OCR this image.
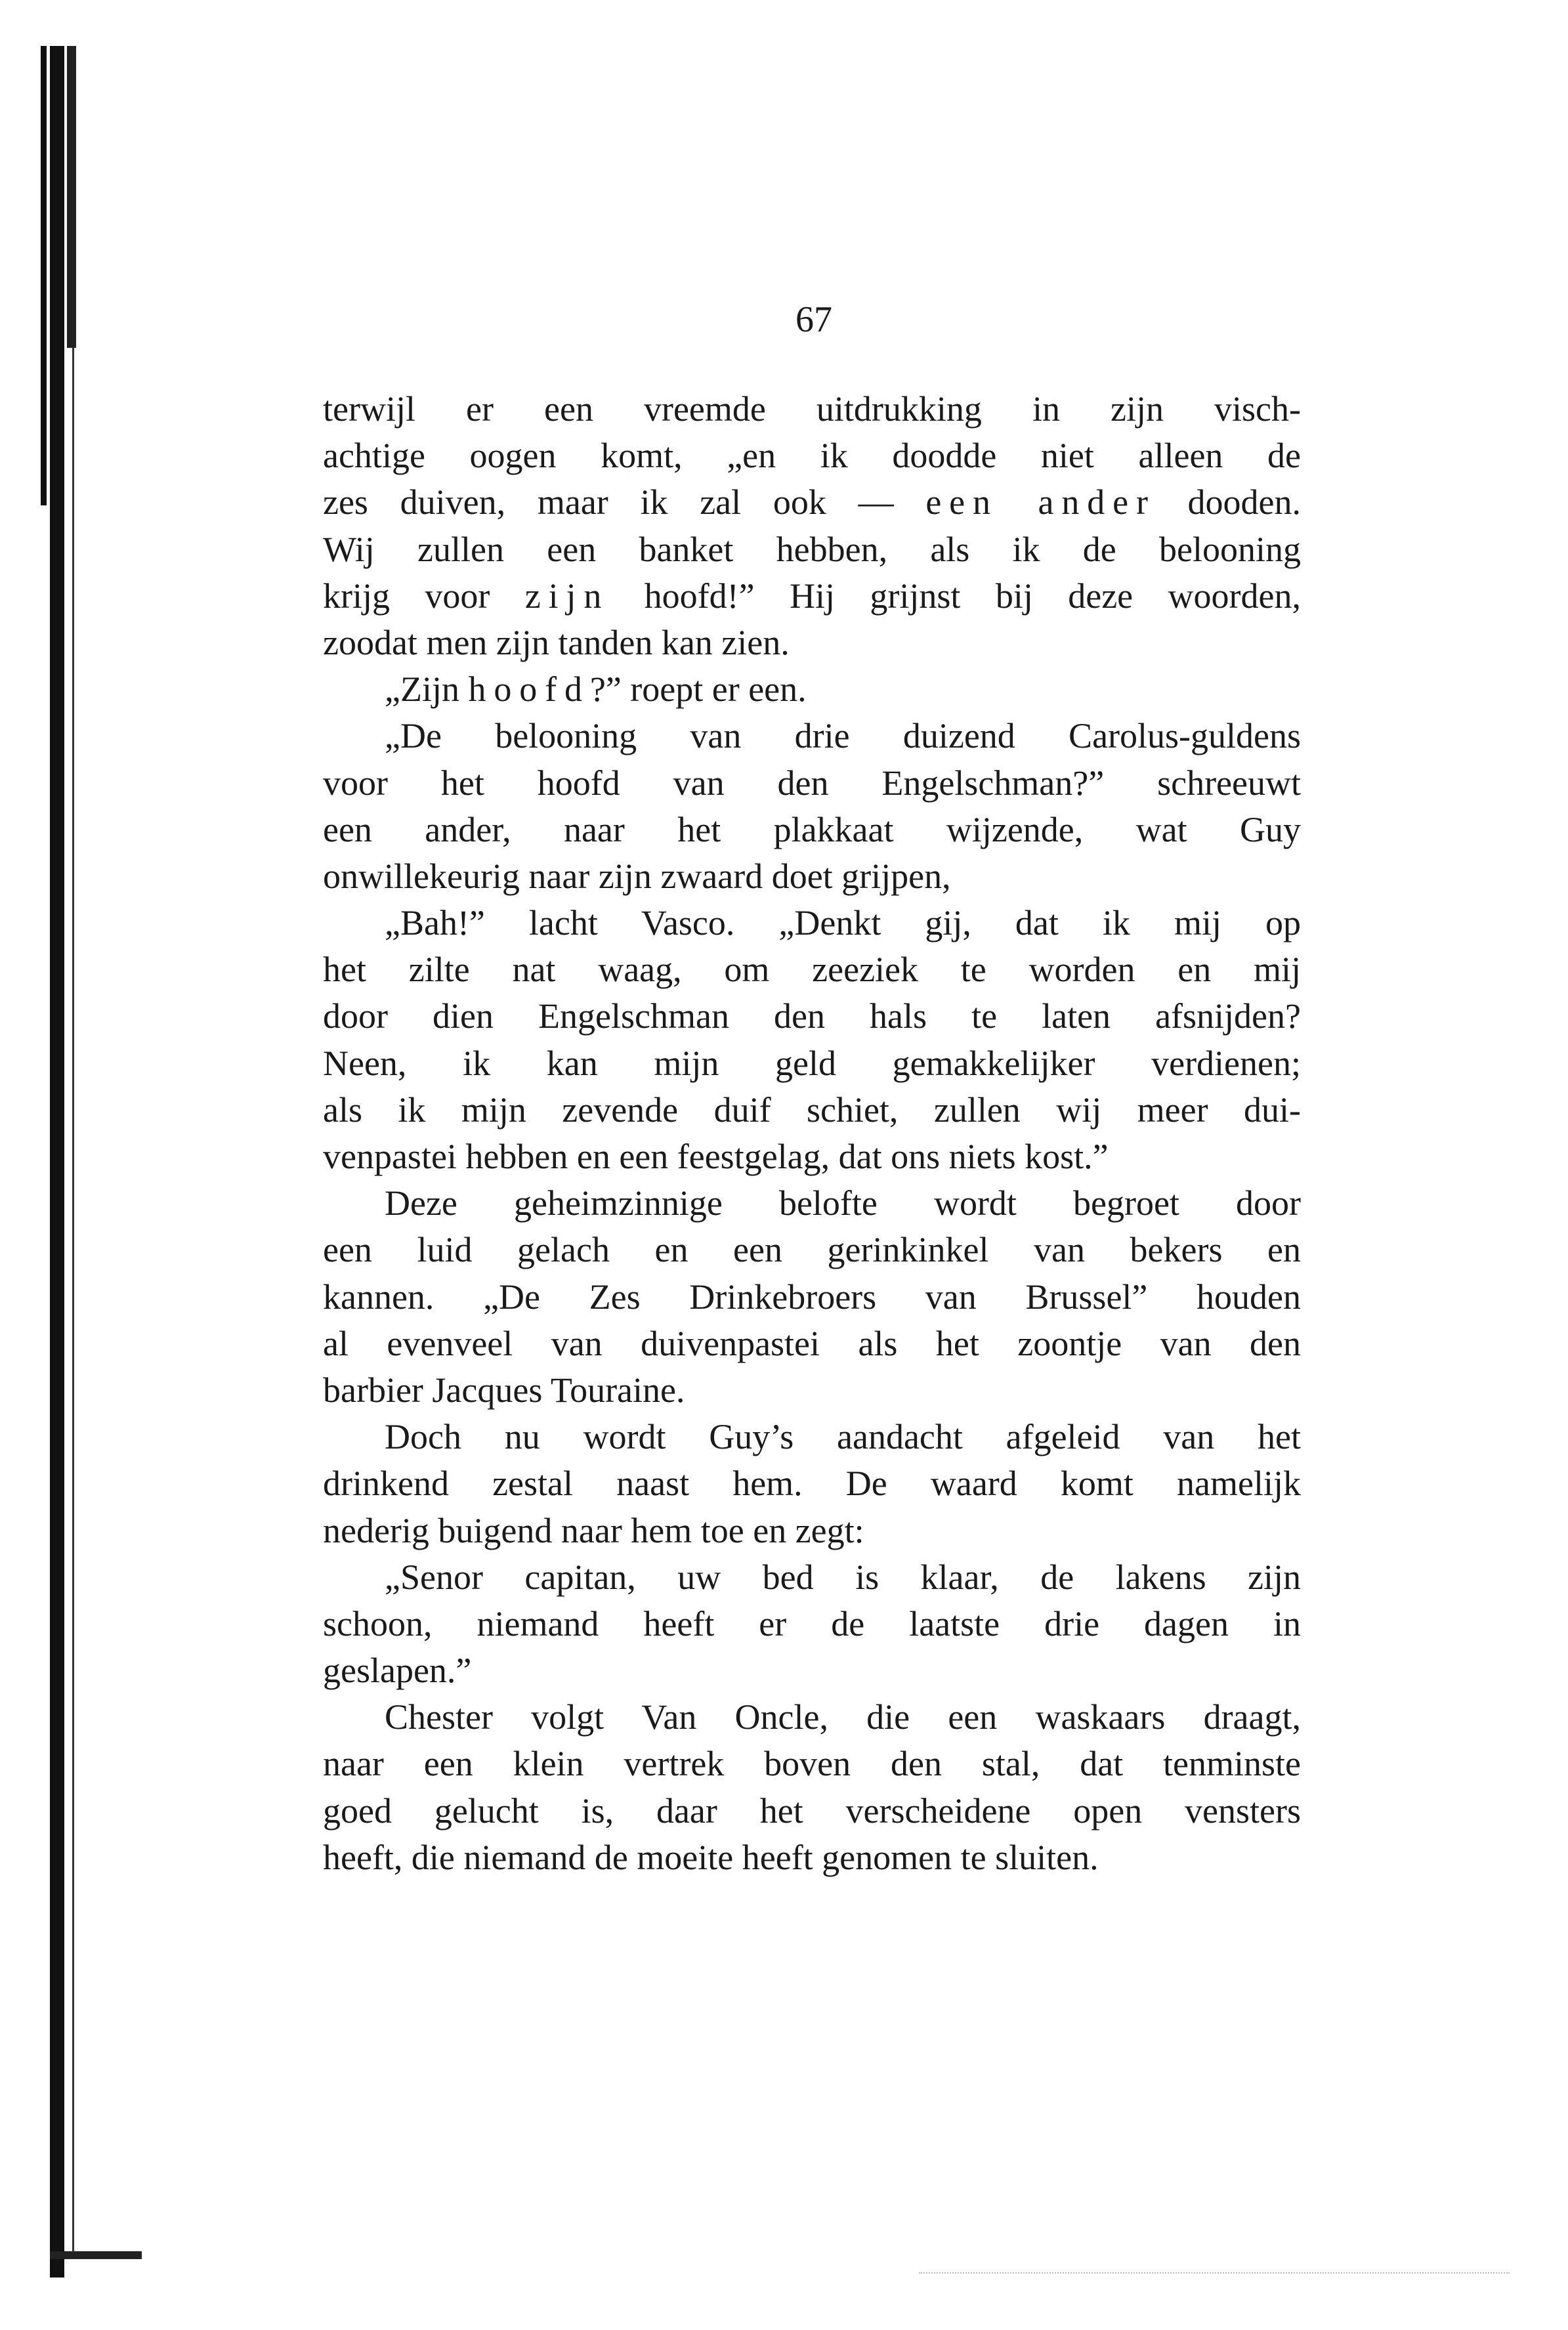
67
terwijl er een vreemde uitdrukking in zijn visch-
achtige oogen komt, „en ik doodde niet alleen de
zes duiven, maar ik zal ook — een ander dooden.
Wij zullen een banket hebben, als ik de belooning
krijg voor zijn hoofd!” Hij grijnst bij deze woorden,
zoodat men zijn tanden kan zien.
„Zijn hoofd?” roept er een.
„De belooning van drie duizend Carolus-guldens
voor het hoofd van den Engelschman?” schreeuwt
een ander, naar het plakkaat wijzende, wat Guy
onwillekeurig naar zijn zwaard doet grijpen,
„Bah!” lacht Vasco. „Denkt gij, dat ik mij op
het zilte nat waag, om zeeziek te worden en mij
door dien Engelschman den hals te laten afsnijden?
Neen, ik kan mijn geld gemakkelijker verdienen;
als ik mijn zevende duif schiet, zullen wij meer dui-
venpastei hebben en een feestgelag, dat ons niets kost.”
Deze geheimzinnige belofte wordt begroet door
een luid gelach en een gerinkinkel van bekers en
kannen. „De Zes Drinkebroers van Brussel” houden
al evenveel van duivenpastei als het zoontje van den
barbier Jacques Touraine.
Doch nu wordt Guy’s aandacht afgeleid van het
drinkend zestal naast hem. De waard komt namelijk
nederig buigend naar hem toe en zegt:
„Senor capitan, uw bed is klaar, de lakens zijn
schoon, niemand heeft er de laatste drie dagen in
geslapen.”
Chester volgt Van Oncle, die een waskaars draagt,
naar een klein vertrek boven den stal, dat tenminste
goed gelucht is, daar het verscheidene open vensters
heeft, die niemand de moeite heeft genomen te sluiten.
